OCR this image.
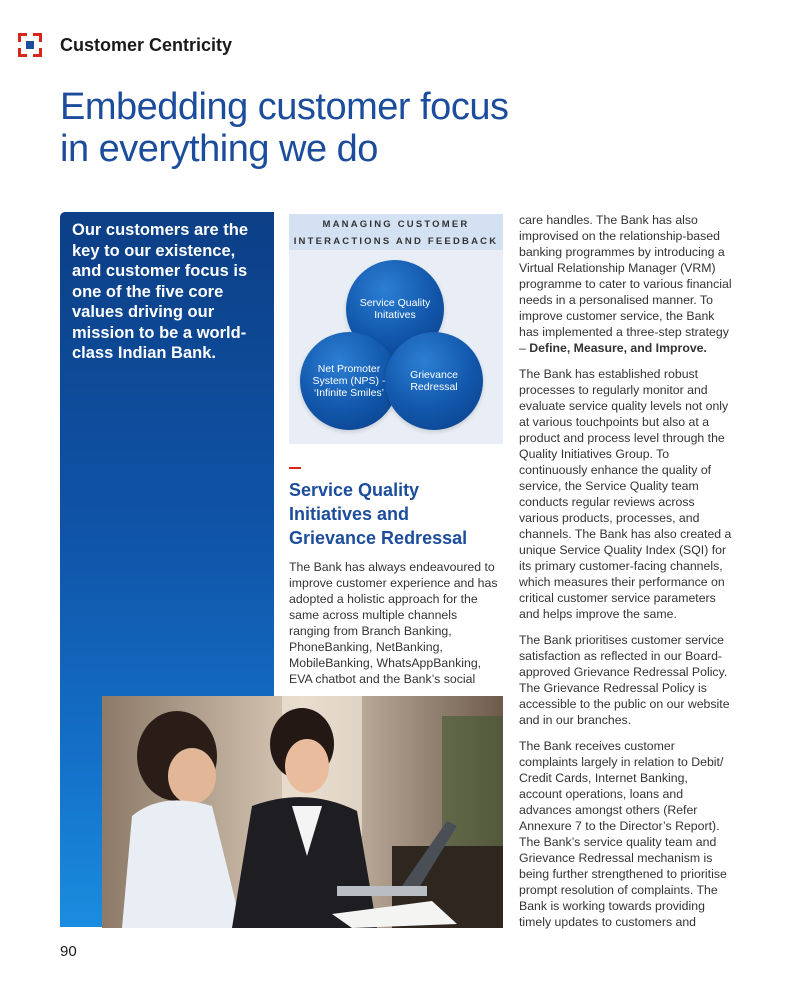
Customer Centricity
Embedding customer focus
in everything we do
Our customers are the key to our existence, and customer focus is one of the five core values driving our mission to be a world-class Indian Bank.
MANAGING CUSTOMER
INTERACTIONS AND FEEDBACK
Service Quality
Initatives
Net Promoter
System (NPS) -
‘Infinite Smiles’
Grievance
Redressal
Service Quality
Initiatives and
Grievance Redressal

The Bank has always endeavoured to improve customer experience and has adopted a holistic approach for the same across multiple channels ranging from Branch Banking, PhoneBanking, NetBanking, MobileBanking, WhatsAppBanking, EVA chatbot and the Bank’s social

care handles. The Bank has also improvised on the relationship-based banking programmes by introducing a Virtual Relationship Manager (VRM) programme to cater to various financial needs in a personalised manner. To improve customer service, the Bank has implemented a three-step strategy – Define, Measure, and Improve.

The Bank has established robust processes to regularly monitor and evaluate service quality levels not only at various touchpoints but also at a product and process level through the Quality Initiatives Group. To continuously enhance the quality of service, the Service Quality team conducts regular reviews across various products, processes, and channels. The Bank has also created a unique Service Quality Index (SQI) for its primary customer-facing channels, which measures their performance on critical customer service parameters and helps improve the same.

The Bank prioritises customer service satisfaction as reflected in our Board-approved Grievance Redressal Policy. The Grievance Redressal Policy is accessible to the public on our website and in our branches.

The Bank receives customer complaints largely in relation to Debit/ Credit Cards, Internet Banking, account operations, loans and advances amongst others (Refer Annexure 7 to the Director’s Report). The Bank’s service quality team and Grievance Redressal mechanism is being further strengthened to prioritise prompt resolution of complaints. The Bank is working towards providing timely updates to customers and

90
